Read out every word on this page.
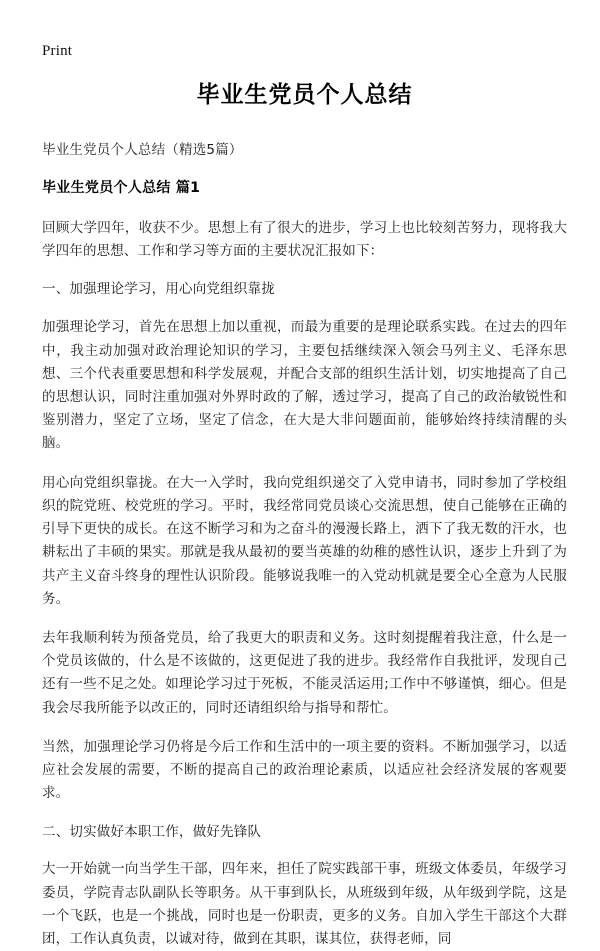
Print
毕业生党员个人总结

毕业生党员个人总结（精选5篇）

毕业生党员个人总结 篇1

回顾大学四年，收获不少。思想上有了很大的进步，学习上也比较刻苦努力，现将我大学四年的思想、工作和学习等方面的主要状况汇报如下：

一、加强理论学习，用心向党组织靠拢

加强理论学习，首先在思想上加以重视，而最为重要的是理论联系实践。在过去的四年中，我主动加强对政治理论知识的学习，主要包括继续深入领会马列主义、毛泽东思想、三个代表重要思想和科学发展观，并配合支部的组织生活计划，切实地提高了自己的思想认识，同时注重加强对外界时政的了解，透过学习，提高了自己的政治敏锐性和鉴别潜力，坚定了立场，坚定了信念，在大是大非问题面前，能够始终持续清醒的头脑。

用心向党组织靠拢。在大一入学时，我向党组织递交了入党申请书，同时参加了学校组织的院党班、校党班的学习。平时，我经常同党员谈心交流思想，使自己能够在正确的引导下更快的成长。在这不断学习和为之奋斗的漫漫长路上，洒下了我无数的汗水，也耕耘出了丰硕的果实。那就是我从最初的要当英雄的幼稚的感性认识，逐步上升到了为共产主义奋斗终身的理性认识阶段。能够说我唯一的入党动机就是要全心全意为人民服务。

去年我顺利转为预备党员，给了我更大的职责和义务。这时刻提醒着我注意，什么是一个党员该做的，什么是不该做的，这更促进了我的进步。我经常作自我批评，发现自己还有一些不足之处。如理论学习过于死板，不能灵活运用;工作中不够谨慎，细心。但是我会尽我所能予以改正的，同时还请组织给与指导和帮忙。

当然，加强理论学习仍将是今后工作和生活中的一项主要的资料。不断加强学习，以适应社会发展的需要，不断的提高自己的政治理论素质，以适应社会经济发展的客观要求。

二、切实做好本职工作，做好先锋队

大一开始就一向当学生干部，四年来，担任了院实践部干事，班级文体委员，年级学习委员，学院青志队副队长等职务。从干事到队长，从班级到年级，从年级到学院，这是一个飞跃，也是一个挑战，同时也是一份职责，更多的义务。自加入学生干部这个大群团，工作认真负责，以诚对待，做到在其职，谋其位，获得老师，同
